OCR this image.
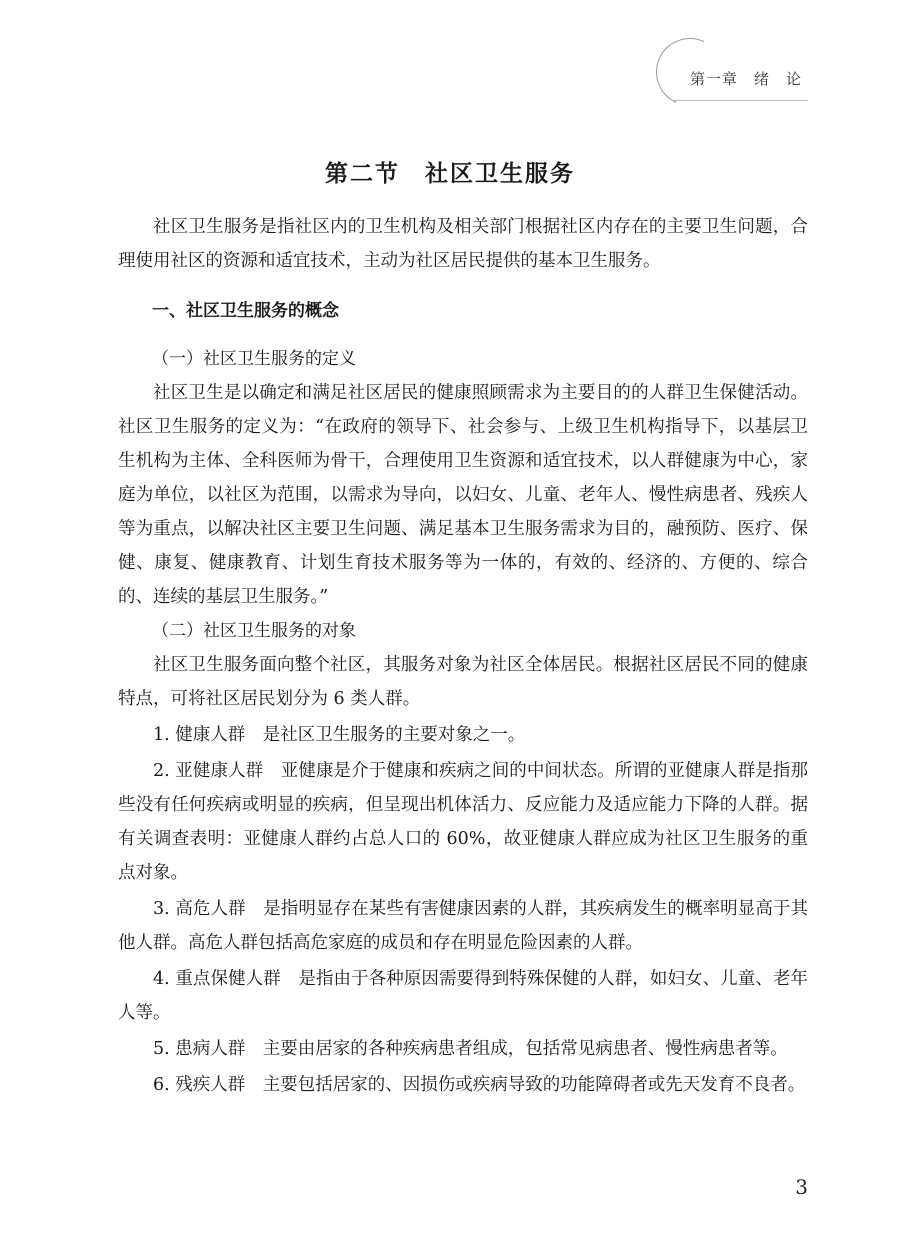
第一章　绪　论
第二节　社区卫生服务

社区卫生服务是指社区内的卫生机构及相关部门根据社区内存在的主要卫生问题，合理使用社区的资源和适宜技术，主动为社区居民提供的基本卫生服务。

一、社区卫生服务的概念

（一）社区卫生服务的定义

社区卫生是以确定和满足社区居民的健康照顾需求为主要目的的人群卫生保健活动。社区卫生服务的定义为：“在政府的领导下、社会参与、上级卫生机构指导下，以基层卫生机构为主体、全科医师为骨干，合理使用卫生资源和适宜技术，以人群健康为中心，家庭为单位，以社区为范围，以需求为导向，以妇女、儿童、老年人、慢性病患者、残疾人等为重点，以解决社区主要卫生问题、满足基本卫生服务需求为目的，融预防、医疗、保健、康复、健康教育、计划生育技术服务等为一体的，有效的、经济的、方便的、综合的、连续的基层卫生服务。”

（二）社区卫生服务的对象

社区卫生服务面向整个社区，其服务对象为社区全体居民。根据社区居民不同的健康特点，可将社区居民划分为 6 类人群。

1. 健康人群　是社区卫生服务的主要对象之一。

2. 亚健康人群　亚健康是介于健康和疾病之间的中间状态。所谓的亚健康人群是指那些没有任何疾病或明显的疾病，但呈现出机体活力、反应能力及适应能力下降的人群。据有关调查表明：亚健康人群约占总人口的 60%，故亚健康人群应成为社区卫生服务的重点对象。

3. 高危人群　是指明显存在某些有害健康因素的人群，其疾病发生的概率明显高于其他人群。高危人群包括高危家庭的成员和存在明显危险因素的人群。

4. 重点保健人群　是指由于各种原因需要得到特殊保健的人群，如妇女、儿童、老年人等。

5. 患病人群　主要由居家的各种疾病患者组成，包括常见病患者、慢性病患者等。

6. 残疾人群　主要包括居家的、因损伤或疾病导致的功能障碍者或先天发育不良者。

3
